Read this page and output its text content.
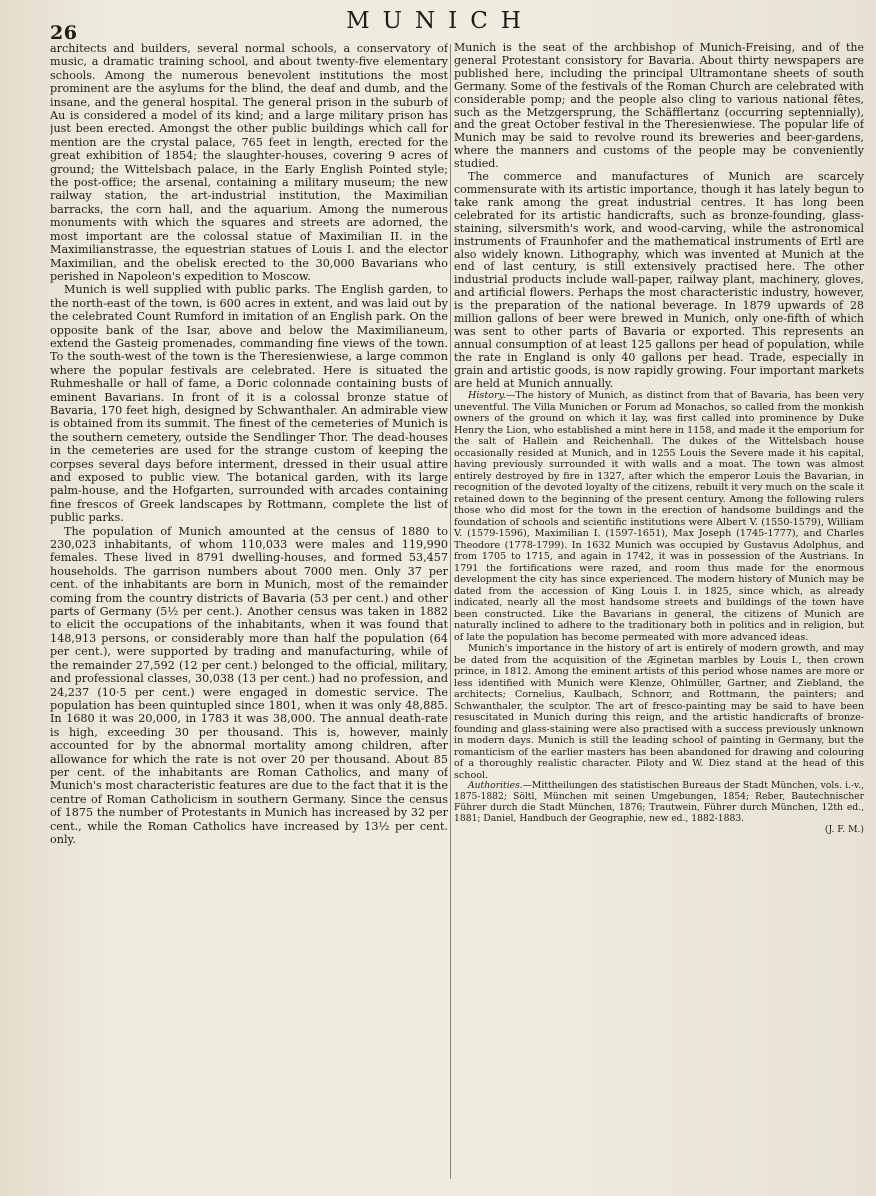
26	MUNICH

architects and builders, several normal schools, a conservatory of music, a dramatic training school, and about twenty-five elementary schools. Among the numerous benevolent institutions the most prominent are the asylums for the blind, the deaf and dumb, and the insane, and the general hospital. The general prison in the suburb of Au is considered a model of its kind; and a large military prison has just been erected. Amongst the other public buildings which call for mention are the crystal palace, 765 feet in length, erected for the great exhibition of 1854; the slaughter-houses, covering 9 acres of ground; the Wittelsbach palace, in the Early English Pointed style; the post-office; the arsenal, containing a military museum; the new railway station, the art-industrial institution, the Maximilian barracks, the corn hall, and the aquarium. Among the numerous monuments with which the squares and streets are adorned, the most important are the colossal statue of Maximilian II. in the Maximilianstrasse, the equestrian statues of Louis I. and the elector Maximilian, and the obelisk erected to the 30,000 Bavarians who perished in Napoleon's expedition to Moscow.

Munich is well supplied with public parks. The English garden, to the north-east of the town, is 600 acres in extent, and was laid out by the celebrated Count Rumford in imitation of an English park. On the opposite bank of the Isar, above and below the Maximilianeum, extend the Gasteig promenades, commanding fine views of the town. To the south-west of the town is the Theresienwiese, a large common where the popular festivals are celebrated. Here is situated the Ruhmeshalle or hall of fame, a Doric colonnade containing busts of eminent Bavarians. In front of it is a colossal bronze statue of Bavaria, 170 feet high, designed by Schwanthaler. An admirable view is obtained from its summit. The finest of the cemeteries of Munich is the southern cemetery, outside the Sendlinger Thor. The dead-houses in the cemeteries are used for the strange custom of keeping the corpses several days before interment, dressed in their usual attire and exposed to public view. The botanical garden, with its large palm-house, and the Hofgarten, surrounded with arcades containing fine frescos of Greek landscapes by Rottmann, complete the list of public parks.

The population of Munich amounted at the census of 1880 to 230,023 inhabitants, of whom 110,033 were males and 119,990 females. These lived in 8791 dwelling-houses, and formed 53,457 households. The garrison numbers about 7000 men. Only 37 per cent. of the inhabitants are born in Munich, most of the remainder coming from the country districts of Bavaria (53 per cent.) and other parts of Germany (5½ per cent.). Another census was taken in 1882 to elicit the occupations of the inhabitants, when it was found that 148,913 persons, or considerably more than half the population (64 per cent.), were supported by trading and manufacturing, while of the remainder 27,592 (12 per cent.) belonged to the official, military, and professional classes, 30,038 (13 per cent.) had no profession, and 24,237 (10·5 per cent.) were engaged in domestic service. The population has been quintupled since 1801, when it was only 48,885. In 1680 it was 20,000, in 1783 it was 38,000. The annual death-rate is high, exceeding 30 per thousand. This is, however, mainly accounted for by the abnormal mortality among children, after allowance for which the rate is not over 20 per thousand. About 85 per cent. of the inhabitants are Roman Catholics, and many of Munich's most characteristic features are due to the fact that it is the centre of Roman Catholicism in southern Germany. Since the census of 1875 the number of Protestants in Munich has increased by 32 per cent., while the Roman Catholics have increased by 13½ per cent. only.

Munich is the seat of the archbishop of Munich-Freising, and of the general Protestant consistory for Bavaria. About thirty newspapers are published here, including the principal Ultramontane sheets of south Germany. Some of the festivals of the Roman Church are celebrated with considerable pomp; and the people also cling to various national fêtes, such as the Metzgersprung, the Schäfflertanz (occurring septennially), and the great October festival in the Theresienwiese. The popular life of Munich may be said to revolve round its breweries and beer-gardens, where the manners and customs of the people may be conveniently studied.

The commerce and manufactures of Munich are scarcely commensurate with its artistic importance, though it has lately begun to take rank among the great industrial centres. It has long been celebrated for its artistic handicrafts, such as bronze-founding, glass-staining, silversmith's work, and wood-carving, while the astronomical instruments of Fraunhofer and the mathematical instruments of Ertl are also widely known. Lithography, which was invented at Munich at the end of last century, is still extensively practised here. The other industrial products include wall-paper, railway plant, machinery, gloves, and artificial flowers. Perhaps the most characteristic industry, however, is the preparation of the national beverage. In 1879 upwards of 28 million gallons of beer were brewed in Munich, only one-fifth of which was sent to other parts of Bavaria or exported. This represents an annual consumption of at least 125 gallons per head of population, while the rate in England is only 40 gallons per head. Trade, especially in grain and artistic goods, is now rapidly growing. Four important markets are held at Munich annually.

History.—The history of Munich, as distinct from that of Bavaria, has been very uneventful. The Villa Munichen or Forum ad Monachos, so called from the monkish owners of the ground on which it lay, was first called into prominence by Duke Henry the Lion, who established a mint here in 1158, and made it the emporium for the salt of Hallein and Reichenhall. The dukes of the Wittelsbach house occasionally resided at Munich, and in 1255 Louis the Severe made it his capital, having previously surrounded it with walls and a moat. The town was almost entirely destroyed by fire in 1327, after which the emperor Louis the Bavarian, in recognition of the devoted loyalty of the citizens, rebuilt it very much on the scale it retained down to the beginning of the present century. Among the following rulers those who did most for the town in the erection of handsome buildings and the foundation of schools and scientific institutions were Albert V. (1550-1579), William V. (1579-1596), Maximilian I. (1597-1651), Max Joseph (1745-1777), and Charles Theodore (1778-1799). In 1632 Munich was occupied by Gustavus Adolphus, and from 1705 to 1715, and again in 1742, it was in possession of the Austrians. In 1791 the fortifications were razed, and room thus made for the enormous development the city has since experienced. The modern history of Munich may be dated from the accession of King Louis I. in 1825, since which, as already indicated, nearly all the most handsome streets and buildings of the town have been constructed. Like the Bavarians in general, the citizens of Munich are naturally inclined to adhere to the traditionary both in politics and in religion, but of late the population has become permeated with more advanced ideas.

Munich's importance in the history of art is entirely of modern growth, and may be dated from the acquisition of the Æginetan marbles by Louis I., then crown prince, in 1812. Among the eminent artists of this period whose names are more or less identified with Munich were Klenze, Ohlmüller, Gartner, and Ziebland, the architects; Cornelius, Kaulbach, Schnorr, and Rottmann, the painters; and Schwanthaler, the sculptor. The art of fresco-painting may be said to have been resuscitated in Munich during this reign, and the artistic handicrafts of bronze-founding and glass-staining were also practised with a success previously unknown in modern days. Munich is still the leading school of painting in Germany, but the romanticism of the earlier masters has been abandoned for drawing and colouring of a thoroughly realistic character. Piloty and W. Diez stand at the head of this school.

Authorities.—Mittheilungen des statistischen Bureaus der Stadt München, vols. i.-v., 1875-1882; Söltl, München mit seinen Umgebungen, 1854; Reber, Bautechnischer Führer durch die Stadt München, 1876; Trautwein, Führer durch München, 12th ed., 1881; Daniel, Handbuch der Geographie, new ed., 1882-1883.
(J. F. M.)
